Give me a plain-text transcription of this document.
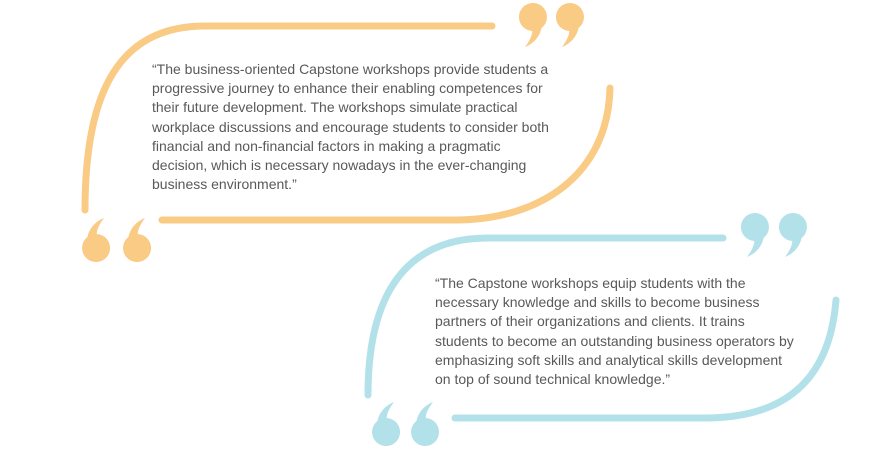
“The business-oriented Capstone workshops provide students a
progressive journey to enhance their enabling competences for
their future development. The workshops simulate practical
workplace discussions and encourage students to consider both
financial and non-financial factors in making a pragmatic
decision, which is necessary nowadays in the ever-changing
business environment.”

“The Capstone workshops equip students with the
necessary knowledge and skills to become business
partners of their organizations and clients. It trains
students to become an outstanding business operators by
emphasizing soft skills and analytical skills development
on top of sound technical knowledge.”
